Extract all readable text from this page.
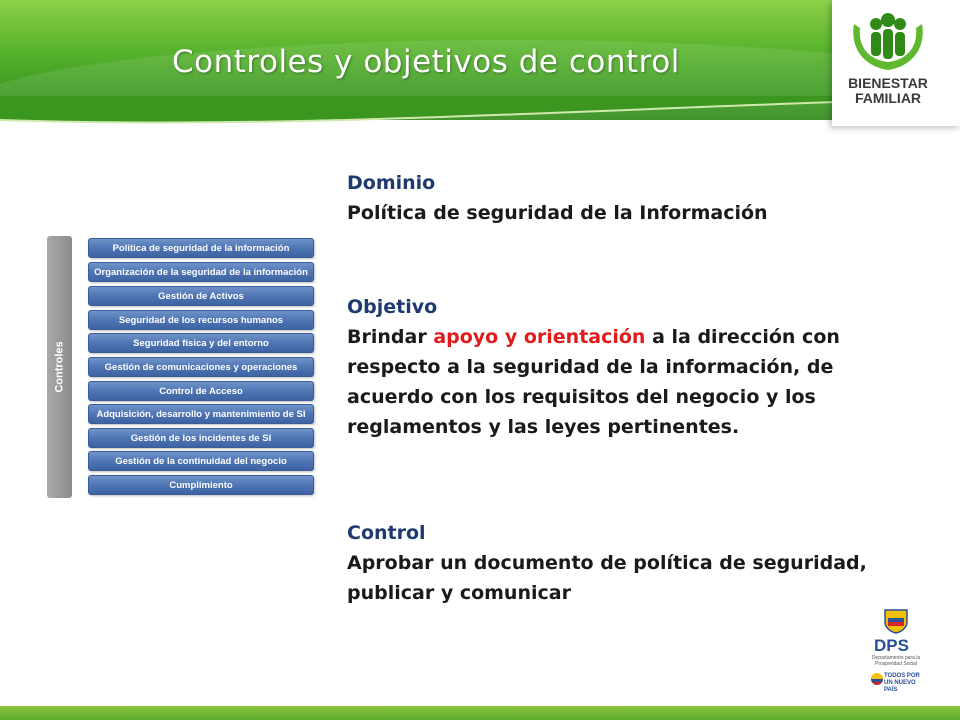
Controles y objetivos de control
BIENESTAR
FAMILIAR
Controles
Política de seguridad de la información
Organización de la seguridad de la información
Gestión de Activos
Seguridad de los recursos humanos
Seguridad física y del entorno
Gestión de comunicaciones y operaciones
Control de Acceso
Adquisición, desarrollo y mantenimiento de SI
Gestión de los incidentes de SI
Gestión de la continuidad del negocio
Cumplimiento
Dominio
Política de seguridad de la Información
Objetivo
Brindar apoyo y orientación a la dirección con respecto a la seguridad de la información, de acuerdo con los requisitos del negocio y los reglamentos y las leyes pertinentes.
Control
Aprobar un documento de política de seguridad, publicar y comunicar
DPS
Departamento para la Prosperidad Social
TODOS POR UN NUEVO PAÍS
